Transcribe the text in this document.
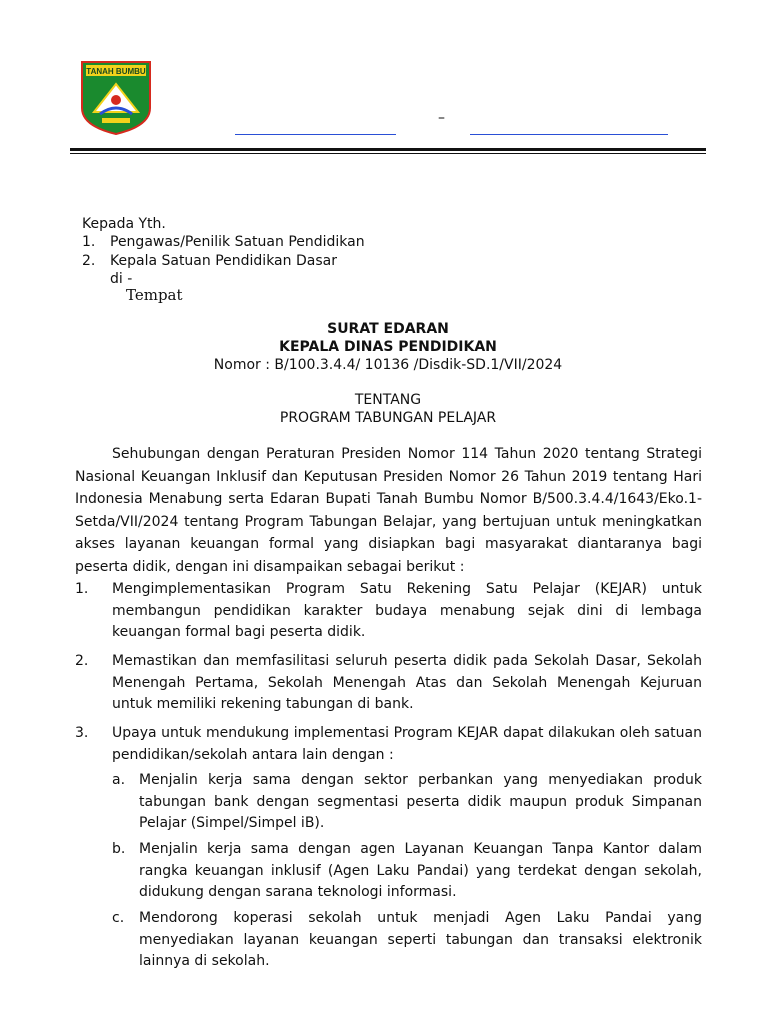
TANAH BUMBU
–
Kepada Yth.
1. Pengawas/Penilik Satuan Pendidikan
2. Kepala Satuan Pendidikan Dasar
di -
Tempat
SURAT EDARAN
KEPALA DINAS PENDIDIKAN
Nomor : B/100.3.4.4/ 10136 /Disdik-SD.1/VII/2024
TENTANG
PROGRAM TABUNGAN PELAJAR
Sehubungan dengan Peraturan Presiden Nomor 114 Tahun 2020 tentang Strategi Nasional Keuangan Inklusif dan Keputusan Presiden Nomor 26 Tahun 2019 tentang Hari Indonesia Menabung serta Edaran Bupati Tanah Bumbu Nomor B/500.3.4.4/1643/Eko.1-Setda/VII/2024 tentang Program Tabungan Belajar, yang bertujuan untuk meningkatkan akses layanan keuangan formal yang disiapkan bagi masyarakat diantaranya bagi peserta didik, dengan ini disampaikan sebagai berikut :
1. Mengimplementasikan Program Satu Rekening Satu Pelajar (KEJAR) untuk membangun pendidikan karakter budaya menabung sejak dini di lembaga keuangan formal bagi peserta didik.
2. Memastikan dan memfasilitasi seluruh peserta didik pada Sekolah Dasar, Sekolah Menengah Pertama, Sekolah Menengah Atas dan Sekolah Menengah Kejuruan untuk memiliki rekening tabungan di bank.
3. Upaya untuk mendukung implementasi Program KEJAR dapat dilakukan oleh satuan pendidikan/sekolah antara lain dengan :
a. Menjalin kerja sama dengan sektor perbankan yang menyediakan produk tabungan bank dengan segmentasi peserta didik maupun produk Simpanan Pelajar (Simpel/Simpel iB).
b. Menjalin kerja sama dengan agen Layanan Keuangan Tanpa Kantor dalam rangka keuangan inklusif (Agen Laku Pandai) yang terdekat dengan sekolah, didukung dengan sarana teknologi informasi.
c. Mendorong koperasi sekolah untuk menjadi Agen Laku Pandai yang menyediakan layanan keuangan seperti tabungan dan transaksi elektronik lainnya di sekolah.
